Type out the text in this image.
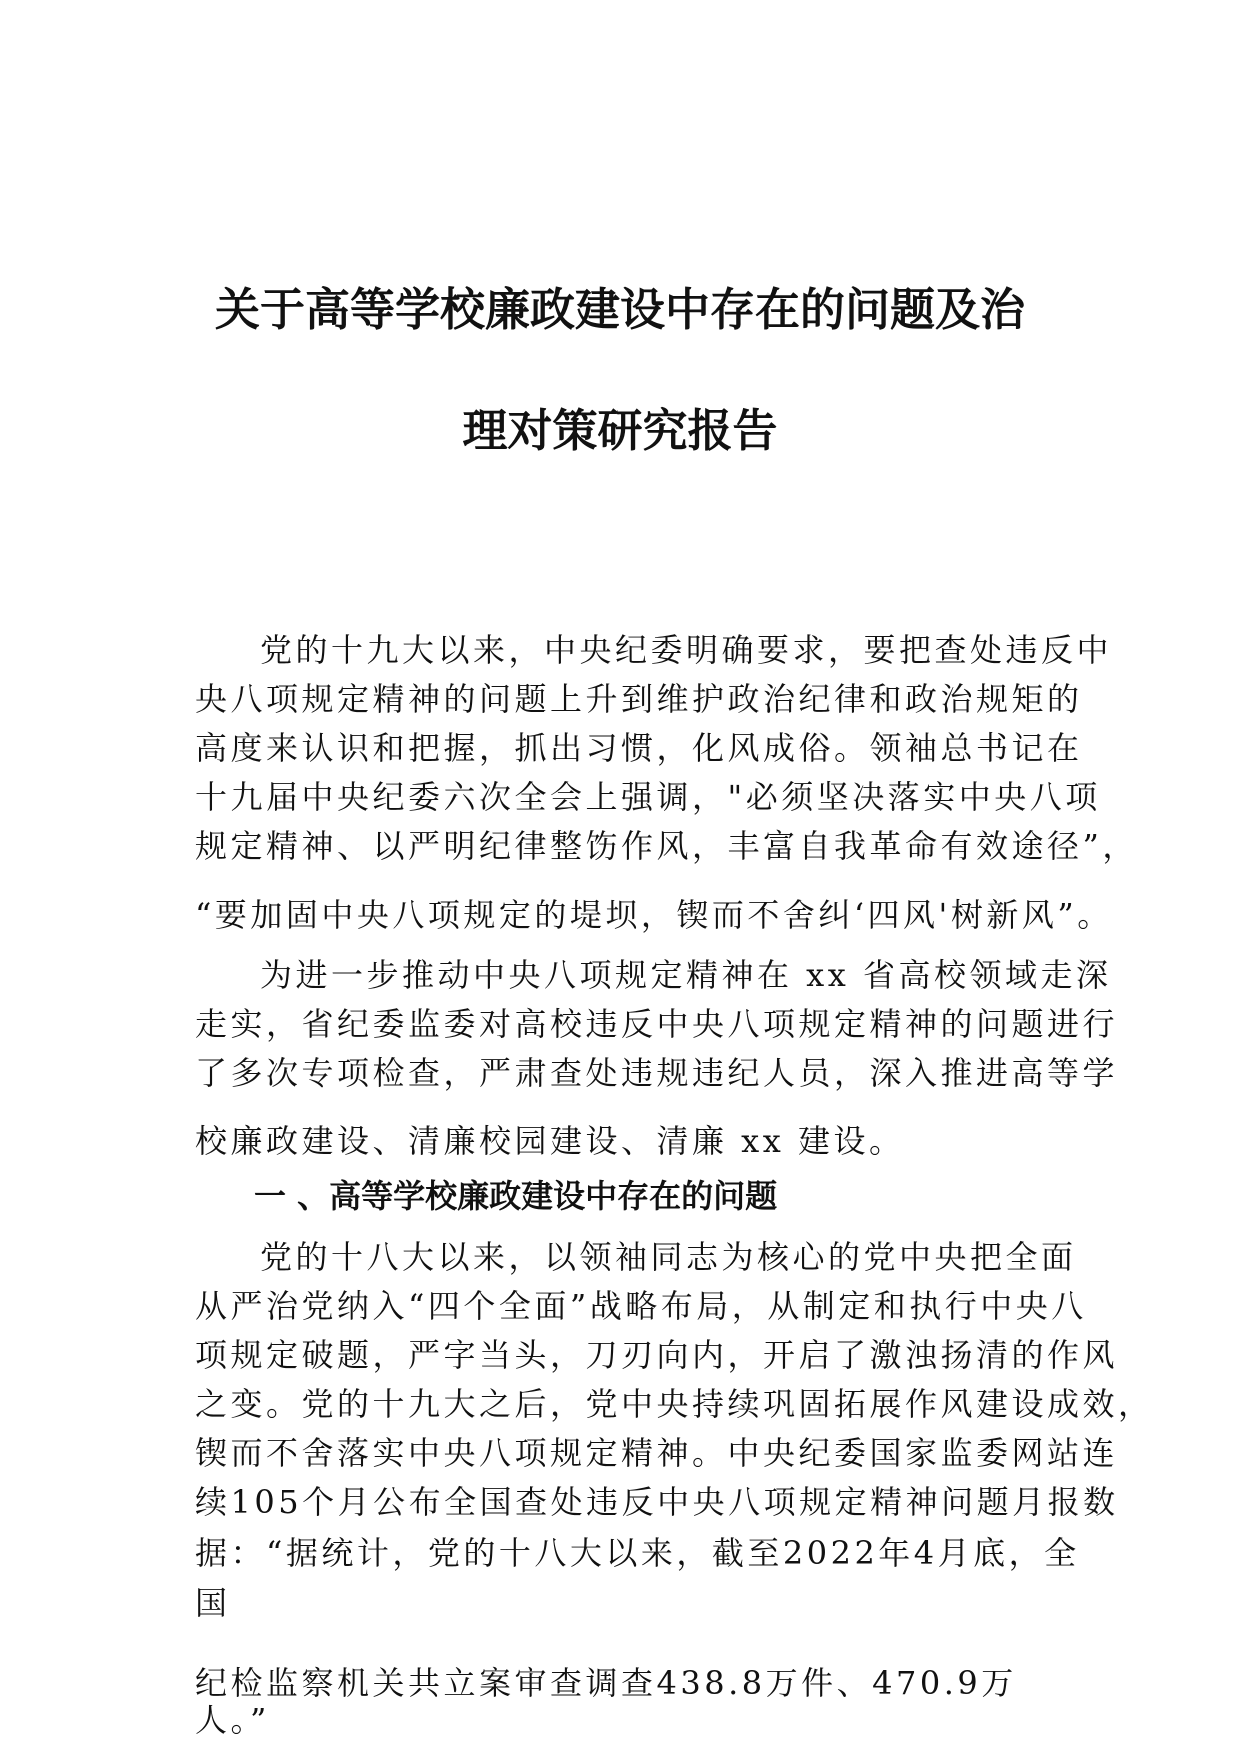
关于高等学校廉政建设中存在的问题及治
理对策研究报告
党的十九大以来，中央纪委明确要求，要把查处违反中
央八项规定精神的问题上升到维护政治纪律和政治规矩的
高度来认识和把握，抓出习惯，化风成俗。领袖总书记在
十九届中央纪委六次全会上强调，"必须坚决落实中央八项
规定精神、以严明纪律整饬作风，丰富自我革命有效途径”，
“要加固中央八项规定的堤坝，锲而不舍纠‘四风'树新风”。
为进一步推动中央八项规定精神在 xx 省高校领域走深
走实，省纪委监委对高校违反中央八项规定精神的问题进行
了多次专项检查，严肃查处违规违纪人员，深入推进高等学
校廉政建设、清廉校园建设、清廉 xx 建设。
一 、高等学校廉政建设中存在的问题
党的十八大以来，以领袖同志为核心的党中央把全面
从严治党纳入“四个全面”战略布局，从制定和执行中央八
项规定破题，严字当头，刀刃向内，开启了激浊扬清的作风
之变。党的十九大之后，党中央持续巩固拓展作风建设成效，
锲而不舍落实中央八项规定精神。中央纪委国家监委网站连
续105个月公布全国查处违反中央八项规定精神问题月报数
据：“据统计，党的十八大以来，截至2022年4月底，全
国
纪检监察机关共立案审查调查438.8万件、470.9万
人。”
